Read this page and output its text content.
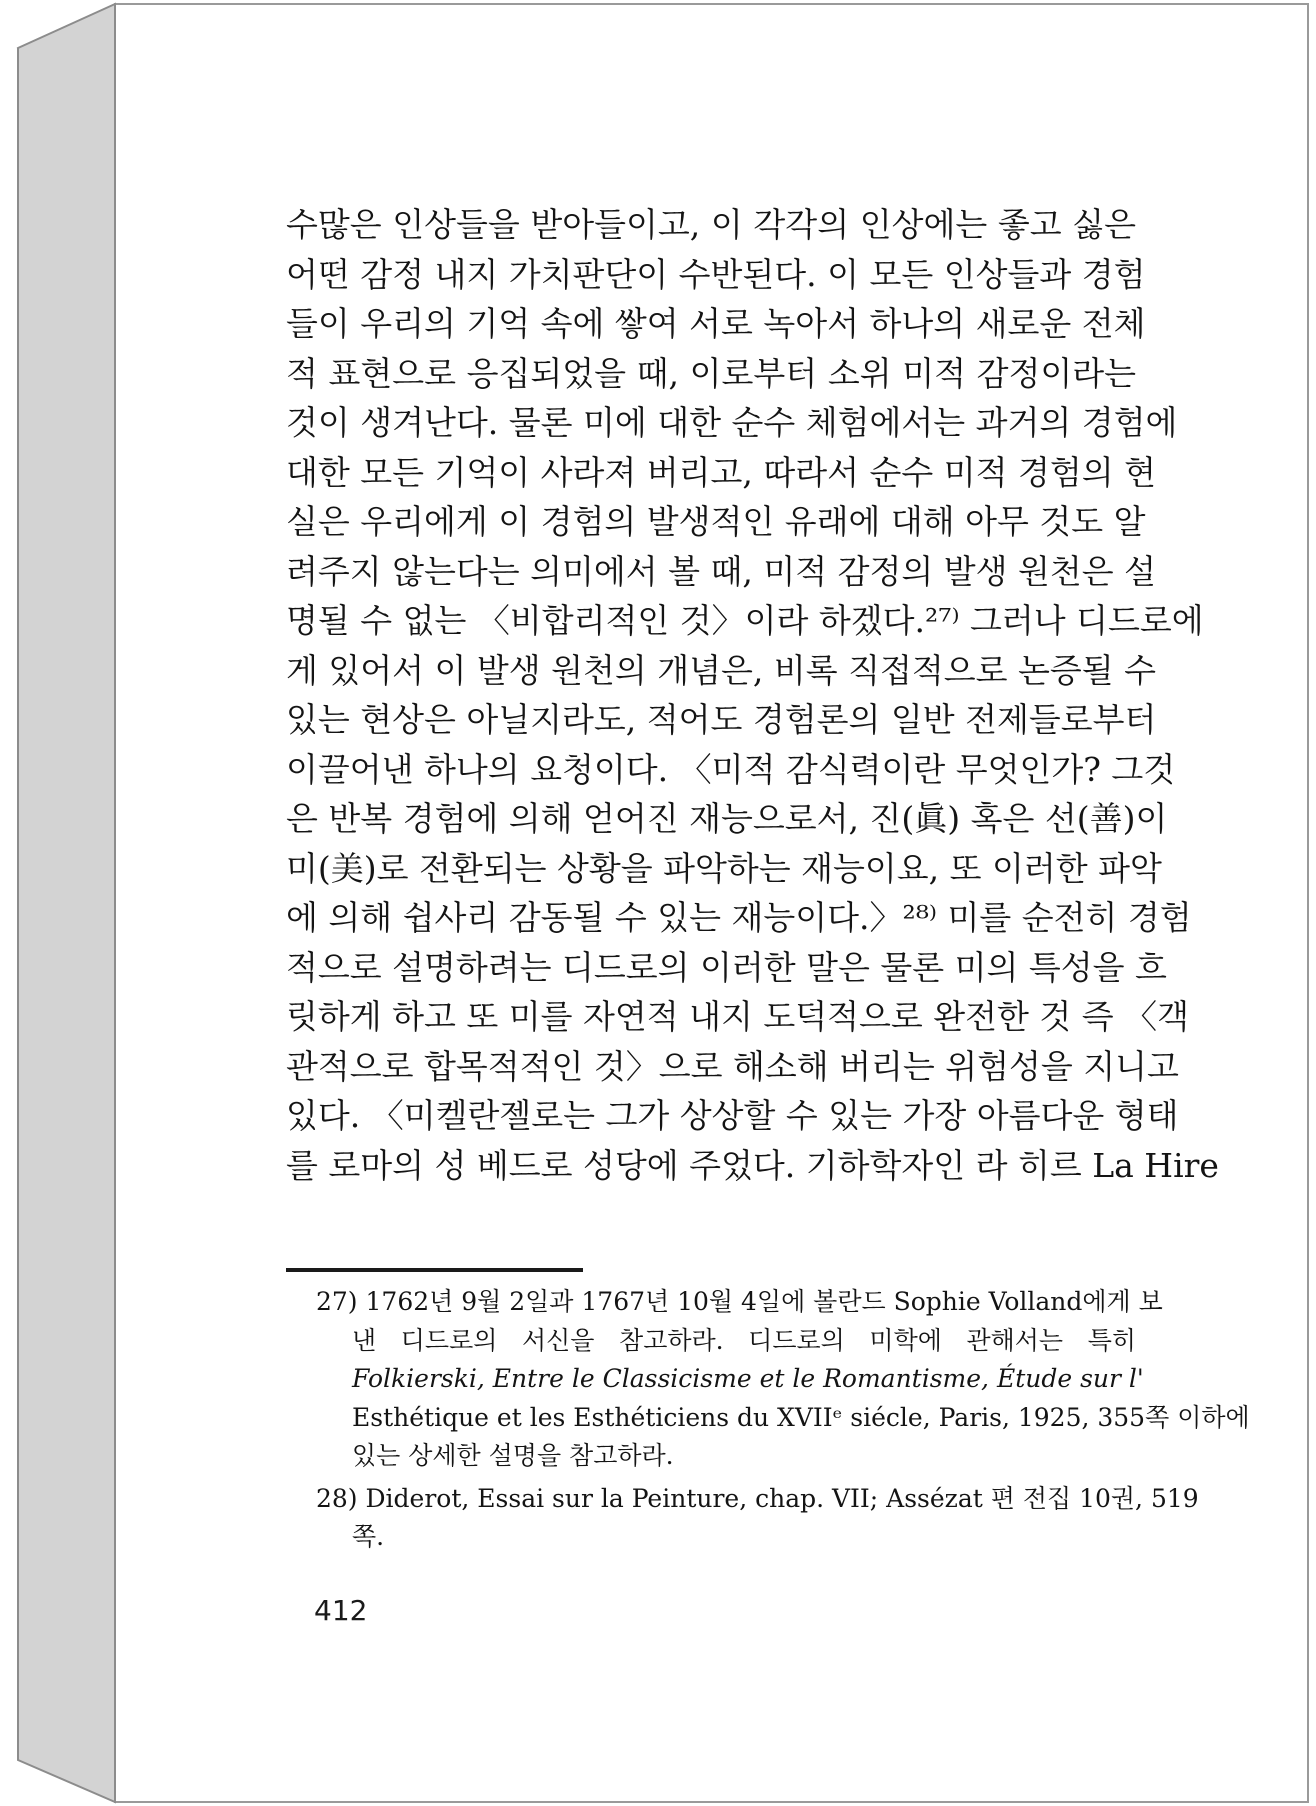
수많은 인상들을 받아들이고, 이 각각의 인상에는 좋고 싫은
어떤 감정 내지 가치판단이 수반된다. 이 모든 인상들과 경험
들이 우리의 기억 속에 쌓여 서로 녹아서 하나의 새로운 전체
적 표현으로 응집되었을 때, 이로부터 소위 미적 감정이라는
것이 생겨난다. 물론 미에 대한 순수 체험에서는 과거의 경험에
대한 모든 기억이 사라져 버리고, 따라서 순수 미적 경험의 현
실은 우리에게 이 경험의 발생적인 유래에 대해 아무 것도 알
려주지 않는다는 의미에서 볼 때, 미적 감정의 발생 원천은 설
명될 수 없는 〈비합리적인 것〉이라 하겠다.²⁷⁾ 그러나 디드로에
게 있어서 이 발생 원천의 개념은, 비록 직접적으로 논증될 수
있는 현상은 아닐지라도, 적어도 경험론의 일반 전제들로부터
이끌어낸 하나의 요청이다. 〈미적 감식력이란 무엇인가? 그것
은 반복 경험에 의해 얻어진 재능으로서, 진(眞) 혹은 선(善)이
미(美)로 전환되는 상황을 파악하는 재능이요, 또 이러한 파악
에 의해 쉽사리 감동될 수 있는 재능이다.〉²⁸⁾ 미를 순전히 경험
적으로 설명하려는 디드로의 이러한 말은 물론 미의 특성을 흐
릿하게 하고 또 미를 자연적 내지 도덕적으로 완전한 것 즉 〈객
관적으로 합목적적인 것〉으로 해소해 버리는 위험성을 지니고
있다. 〈미켈란젤로는 그가 상상할 수 있는 가장 아름다운 형태
를 로마의 성 베드로 성당에 주었다. 기하학자인 라 히르 La Hire
27) 1762년 9월 2일과 1767년 10월 4일에 볼란드 Sophie Volland에게 보
낸 디드로의 서신을 참고하라. 디드로의 미학에 관해서는 특히
Folkierski, Entre le Classicisme et le Romantisme, Étude sur l'
Esthétique et les Esthéticiens du XVIIᵉ siécle, Paris, 1925, 355쪽 이하에
있는 상세한 설명을 참고하라.
28) Diderot, Essai sur la Peinture, chap. VII; Assézat 편 전집 10권, 519
쪽.
412
